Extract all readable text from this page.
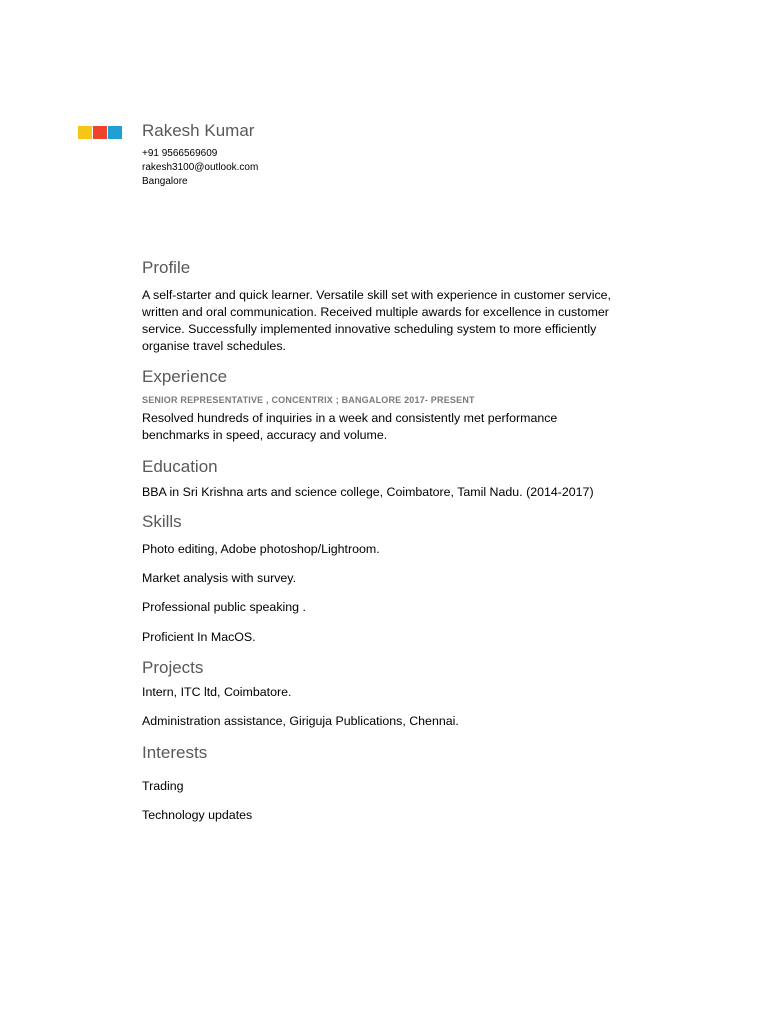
Rakesh Kumar
+91 9566569609
rakesh3100@outlook.com
Bangalore
Profile
A self-starter and quick learner. Versatile skill set with experience in customer service,
written and oral communication. Received multiple awards for excellence in customer
service. Successfully implemented innovative scheduling system to more efficiently
organise travel schedules.
Experience
SENIOR REPRESENTATIVE , CONCENTRIX ; BANGALORE 2017- PRESENT
Resolved hundreds of inquiries in a week and consistently met performance
benchmarks in speed, accuracy and volume.
Education
BBA in Sri Krishna arts and science college, Coimbatore, Tamil Nadu. (2014-2017)
Skills
Photo editing, Adobe photoshop/Lightroom.
Market analysis with survey.
Professional public speaking .
Proficient In MacOS.
Projects
Intern, ITC ltd, Coimbatore.
Administration assistance, Giriguja Publications, Chennai.
Interests
Trading
Technology updates
